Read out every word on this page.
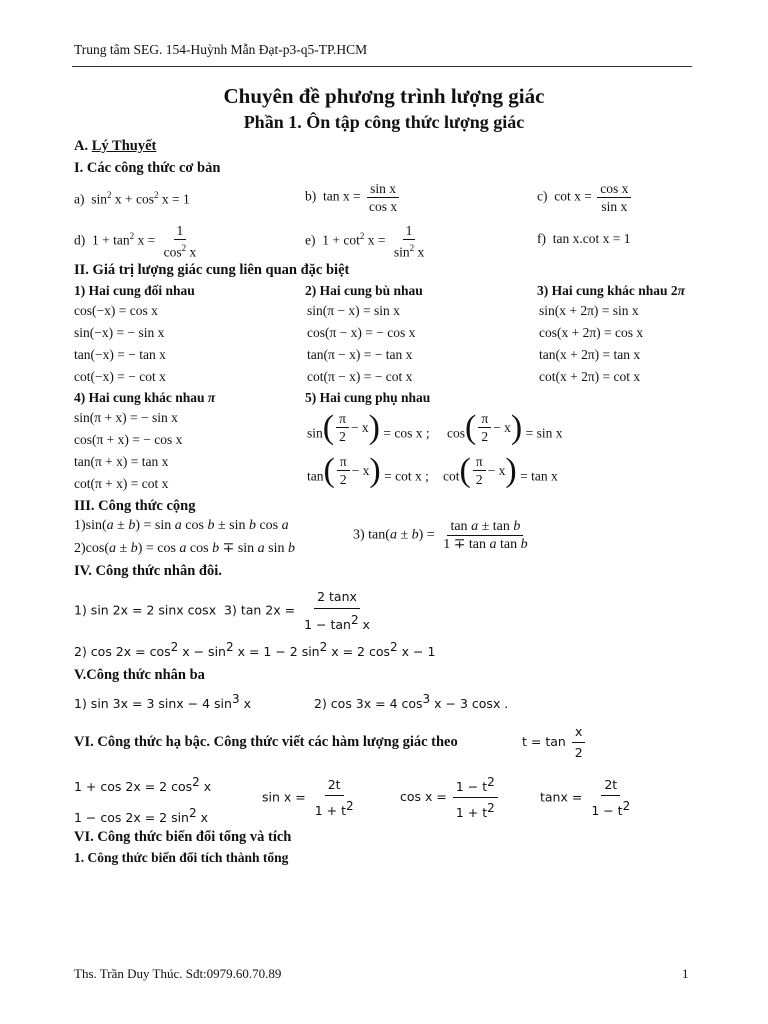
Trung tâm SEG. 154-Huỳnh Mẫn Đạt-p3-q5-TP.HCM
Chuyên đề phương trình lượng giác
Phần 1. Ôn tập công thức lượng giác
A. Lý Thuyết
I. Các công thức cơ bản
a)  $\sin^2 x + \cos^2 x = 1$	b)  $\tan x = \frac{\text{sin x}}{\text{cos x}}$	c)  $\cot x = \frac{\text{cos x}}{\text{sin x}}$
d)  $1 + \tan^2 x = \frac{1}{\cos^2 x}$	e)  $1 + \cot^2 x = \frac{1}{\sin^2 x}$	f)  tan x.cot x = 1
II. Giá trị lượng giác cung liên quan đặc biệt
1) Hai cung đối nhau	2) Hai cung bù nhau	3) Hai cung khác nhau 2π
cos(−x) = cos x
sin(−x) = − sin x
tan(−x) = − tan x
cot(−x) = − cot x
sin(π − x) = sin x
cos(π − x) = − cos x
tan(π − x) = − tan x
cot(π − x) = − cot x
sin(x + 2π) = sin x
cos(x + 2π) = cos x
tan(x + 2π) = tan x
cot(x + 2π) = cot x
4) Hai cung khác nhau π	5) Hai cung phụ nhau
sin(π + x) = − sin x
cos(π + x) = − cos x
tan(π + x) = tan x
cot(π + x) = cot x
sin ( π
2
− x ) = cos x ; cos ( π
2
− x ) = sin x
tan ( π
2
− x ) = cot x ; cot ( π
2
− x ) = tan x
III. Công thức cộng
1)sin(a ± b) = sin a cos b ± sin b cos a
2)cos(a ± b) = cos a cos b ∓ sin a sin b
3) $\tan(a \pm b) = \frac{\text{tan a ± tan b}}{\text{1 ∓ tan a tan b}}$
IV. Công thức nhân đôi.
1) sin 2x = 2 sinx cosx  3) $\tan 2x = \frac{2 \tan x}{1 - \tan^2 x}$
2) $\cos 2x = \cos^2 x - \sin^2 x = 1 - 2$ $\sin^2 x = 2$ $\cos^2 x - 1$
V.Công thức nhân ba
1) sin 3x = 3 sinx − 4 $\sin^3 x$	2) cos 3x = 4 $\cos^3 x - 3$ cosx .
VI. Công thức hạ bậc. Công thức viết các hàm lượng giác theo	$t = \tan \frac{x}{2}$
1 + cos 2x = 2 $\cos^2 x$
1 − cos 2x = 2 $\sin^2 x$
$\sin x = \frac{2t}{1 + t^2}$	$\cos x = \frac{1 - t^2}{1 + t^2}$	$\tan x = \frac{2t}{1 - t^2}$
VI. Công thức biến đổi tổng và tích
1. Công thức biến đổi tích thành tổng
Ths. Trần Duy Thúc. Sđt:0979.60.70.89	1
